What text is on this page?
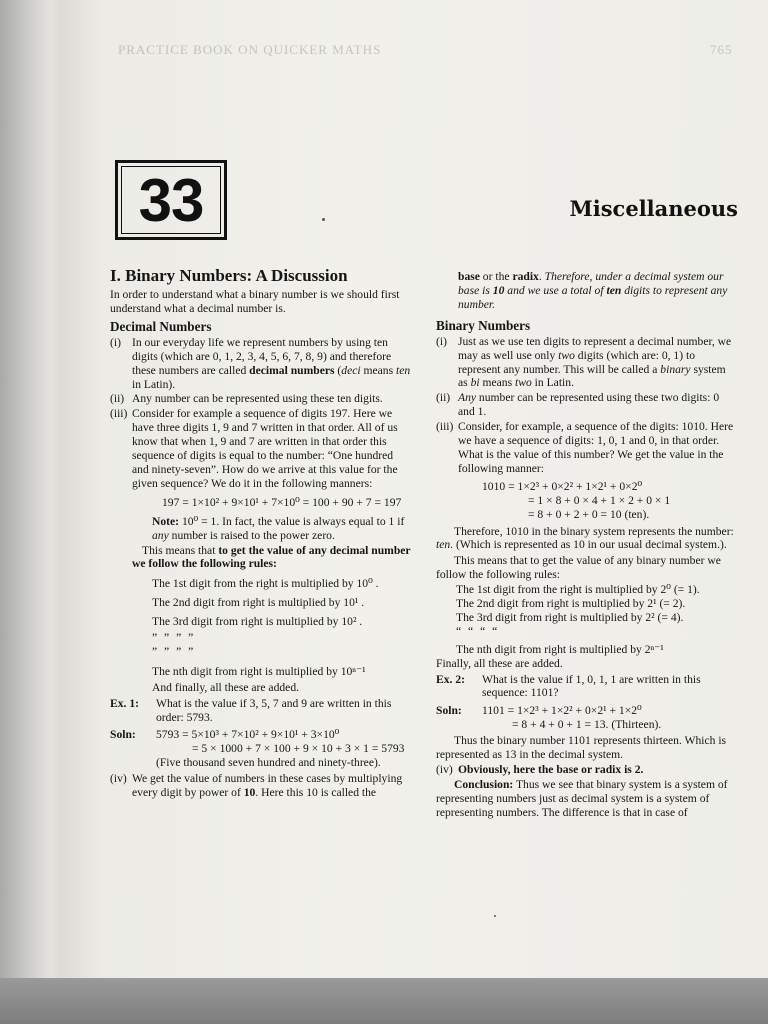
PRACTICE BOOK ON QUICKER MATHS	765
33	Miscellaneous
I. Binary Numbers: A Discussion

In order to understand what a binary number is we should first understand what a decimal number is.

Decimal Numbers
(i) In our everyday life we represent numbers by using ten digits (which are 0, 1, 2, 3, 4, 5, 6, 7, 8, 9) and therefore these numbers are called decimal numbers (deci means ten in Latin).
(ii) Any number can be represented using these ten digits.
(iii) Consider for example a sequence of digits 197. Here we have three digits 1, 9 and 7 written in that order. All of us know that when 1, 9 and 7 are written in that order this sequence of digits is equal to the number: “One hundred and ninety-seven”. How do we arrive at this value for the given sequence? We do it in the following manners:

197 = 1×10² + 9×10¹ + 7×10⁰ = 100 + 90 + 7 = 197

Note: 10⁰ = 1. In fact, the value is always equal to 1 if any number is raised to the power zero.

This means that to get the value of any decimal number we follow the following rules:

The 1st digit from the right is multiplied by 10⁰ .

The 2nd digit from right is multiplied by 10¹ .

The 3rd digit from right is multiplied by 10² .

” ” ” ”

” ” ” ”

The nth digit from right is multiplied by 10ⁿ⁻¹

And finally, all these are added.

Ex. 1:	What is the value if 3, 5, 7 and 9 are written in this order: 5793.
Soln:	5793 = 5×10³ + 7×10² + 9×10¹ + 3×10⁰
= 5 × 1000 + 7 × 100 + 9 × 10 + 3 × 1 = 5793
(Five thousand seven hundred and ninety-three).
(iv) We get the value of numbers in these cases by multiplying every digit by power of 10. Here this 10 is called the

base or the radix. Therefore, under a decimal system our base is 10 and we use a total of ten digits to represent any number.

Binary Numbers
(i) Just as we use ten digits to represent a decimal number, we may as well use only two digits (which are: 0, 1) to represent any number. This will be called a binary system as bi means two in Latin.
(ii) Any number can be represented using these two digits: 0 and 1.
(iii) Consider, for example, a sequence of the digits: 1010. Here we have a sequence of digits: 1, 0, 1 and 0, in that order. What is the value of this number? We get the value in the following manner:

1010 = 1×2³ + 0×2² + 1×2¹ + 0×2⁰

= 1 × 8 + 0 × 4 + 1 × 2 + 0 × 1

= 8 + 0 + 2 + 0 = 10 (ten).

Therefore, 1010 in the binary system represents the number: ten. (Which is represented as 10 in our usual decimal system.).

This means that to get the value of any binary number we follow the following rules:

The 1st digit from the right is multiplied by 2⁰ (= 1).

The 2nd digit from right is multiplied by 2¹ (= 2).

The 3rd digit from right is multiplied by 2² (= 4).

“ “ “ “

The nth digit from right is multiplied by 2ⁿ⁻¹

Finally, all these are added.

Ex. 2:	What is the value if 1, 0, 1, 1 are written in this sequence: 1101?
Soln:	1101 = 1×2³ + 1×2² + 0×2¹ + 1×2⁰
= 8 + 4 + 0 + 1 = 13. (Thirteen).

Thus the binary number 1101 represents thirteen. Which is represented as 13 in the decimal system.

(iv) Obviously, here the base or radix is 2.

Conclusion: Thus we see that binary system is a system of representing numbers just as decimal system is a system of representing numbers. The difference is that in case of
